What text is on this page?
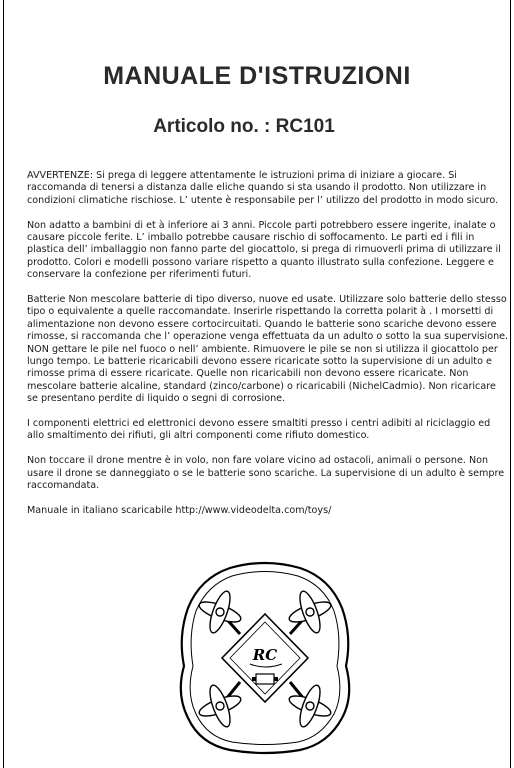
MANUALE D'ISTRUZIONI
Articolo no. : RC101

AVVERTENZE: Si prega di leggere attentamente le istruzioni prima di iniziare a giocare. Si raccomanda di tenersi a distanza dalle eliche quando si sta usando il prodotto. Non utilizzare in condizioni climatiche rischiose. L’ utente è responsabile per l’ utilizzo del prodotto in modo sicuro.

Non adatto a bambini di et à inferiore ai 3 anni. Piccole parti potrebbero essere ingerite, inalate o causare piccole ferite. L’ imballo potrebbe causare rischio di soffocamento. Le parti ed i fili in plastica dell’ imballaggio non fanno parte del giocattolo, si prega di rimuoverli prima di utilizzare il prodotto. Colori e modelli possono variare rispetto a quanto illustrato sulla confezione. Leggere e conservare la confezione per riferimenti futuri.

Batterie Non mescolare batterie di tipo diverso, nuove ed usate. Utilizzare solo batterie dello stesso tipo o equivalente a quelle raccomandate. Inserirle rispettando la corretta polarit à . I morsetti di alimentazione non devono essere cortocircuitati. Quando le batterie sono scariche devono essere rimosse, si raccomanda che l’ operazione venga effettuata da un adulto o sotto la sua supervisione. NON gettare le pile nel fuoco o nell’ ambiente. Rimuovere le pile se non si utilizza il giocattolo per lungo tempo. Le batterie ricaricabili devono essere ricaricate sotto la supervisione di un adulto e rimosse prima di essere ricaricate. Quelle non ricaricabili non devono essere ricaricate. Non mescolare batterie alcaline, standard (zinco/carbone) o ricaricabili (NichelCadmio). Non ricaricare se presentano perdite di liquido o segni di corrosione.

I componenti elettrici ed elettronici devono essere smaltiti presso i centri adibiti al riciclaggio ed allo smaltimento dei rifiuti, gli altri componenti come rifiuto domestico.

Non toccare il drone mentre è in volo, non fare volare vicino ad ostacoli, animali o persone. Non usare il drone se danneggiato o se le batterie sono scariche. La supervisione di un adulto è sempre raccomandata.

Manuale in italiano scaricabile http://www.videodelta.com/toys/

RC
